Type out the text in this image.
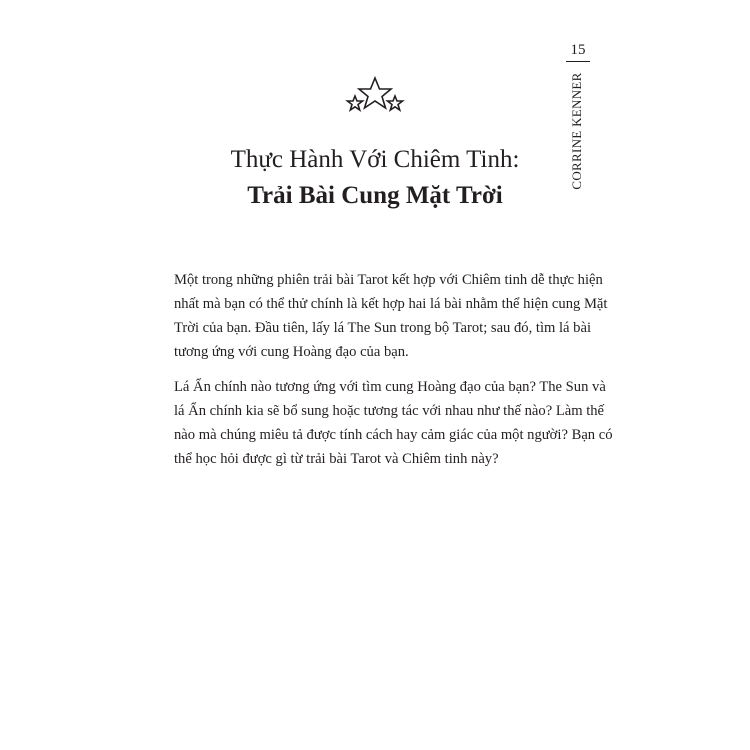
15
CORRINE KENNER
Thực Hành Với Chiêm Tinh:
Trải Bài Cung Mặt Trời

Một trong những phiên trải bài Tarot kết hợp với Chiêm tinh dễ thực hiện
nhất mà bạn có thể thử chính là kết hợp hai lá bài nhằm thể hiện cung Mặt
Trời của bạn. Đầu tiên, lấy lá The Sun trong bộ Tarot; sau đó, tìm lá bài
tương ứng với cung Hoàng đạo của bạn.

Lá Ẩn chính nào tương ứng với tìm cung Hoàng đạo của bạn? The Sun và
lá Ẩn chính kia sẽ bổ sung hoặc tương tác với nhau như thế nào? Làm thế
nào mà chúng miêu tả được tính cách hay cảm giác của một người? Bạn có
thể học hỏi được gì từ trải bài Tarot và Chiêm tinh này?
